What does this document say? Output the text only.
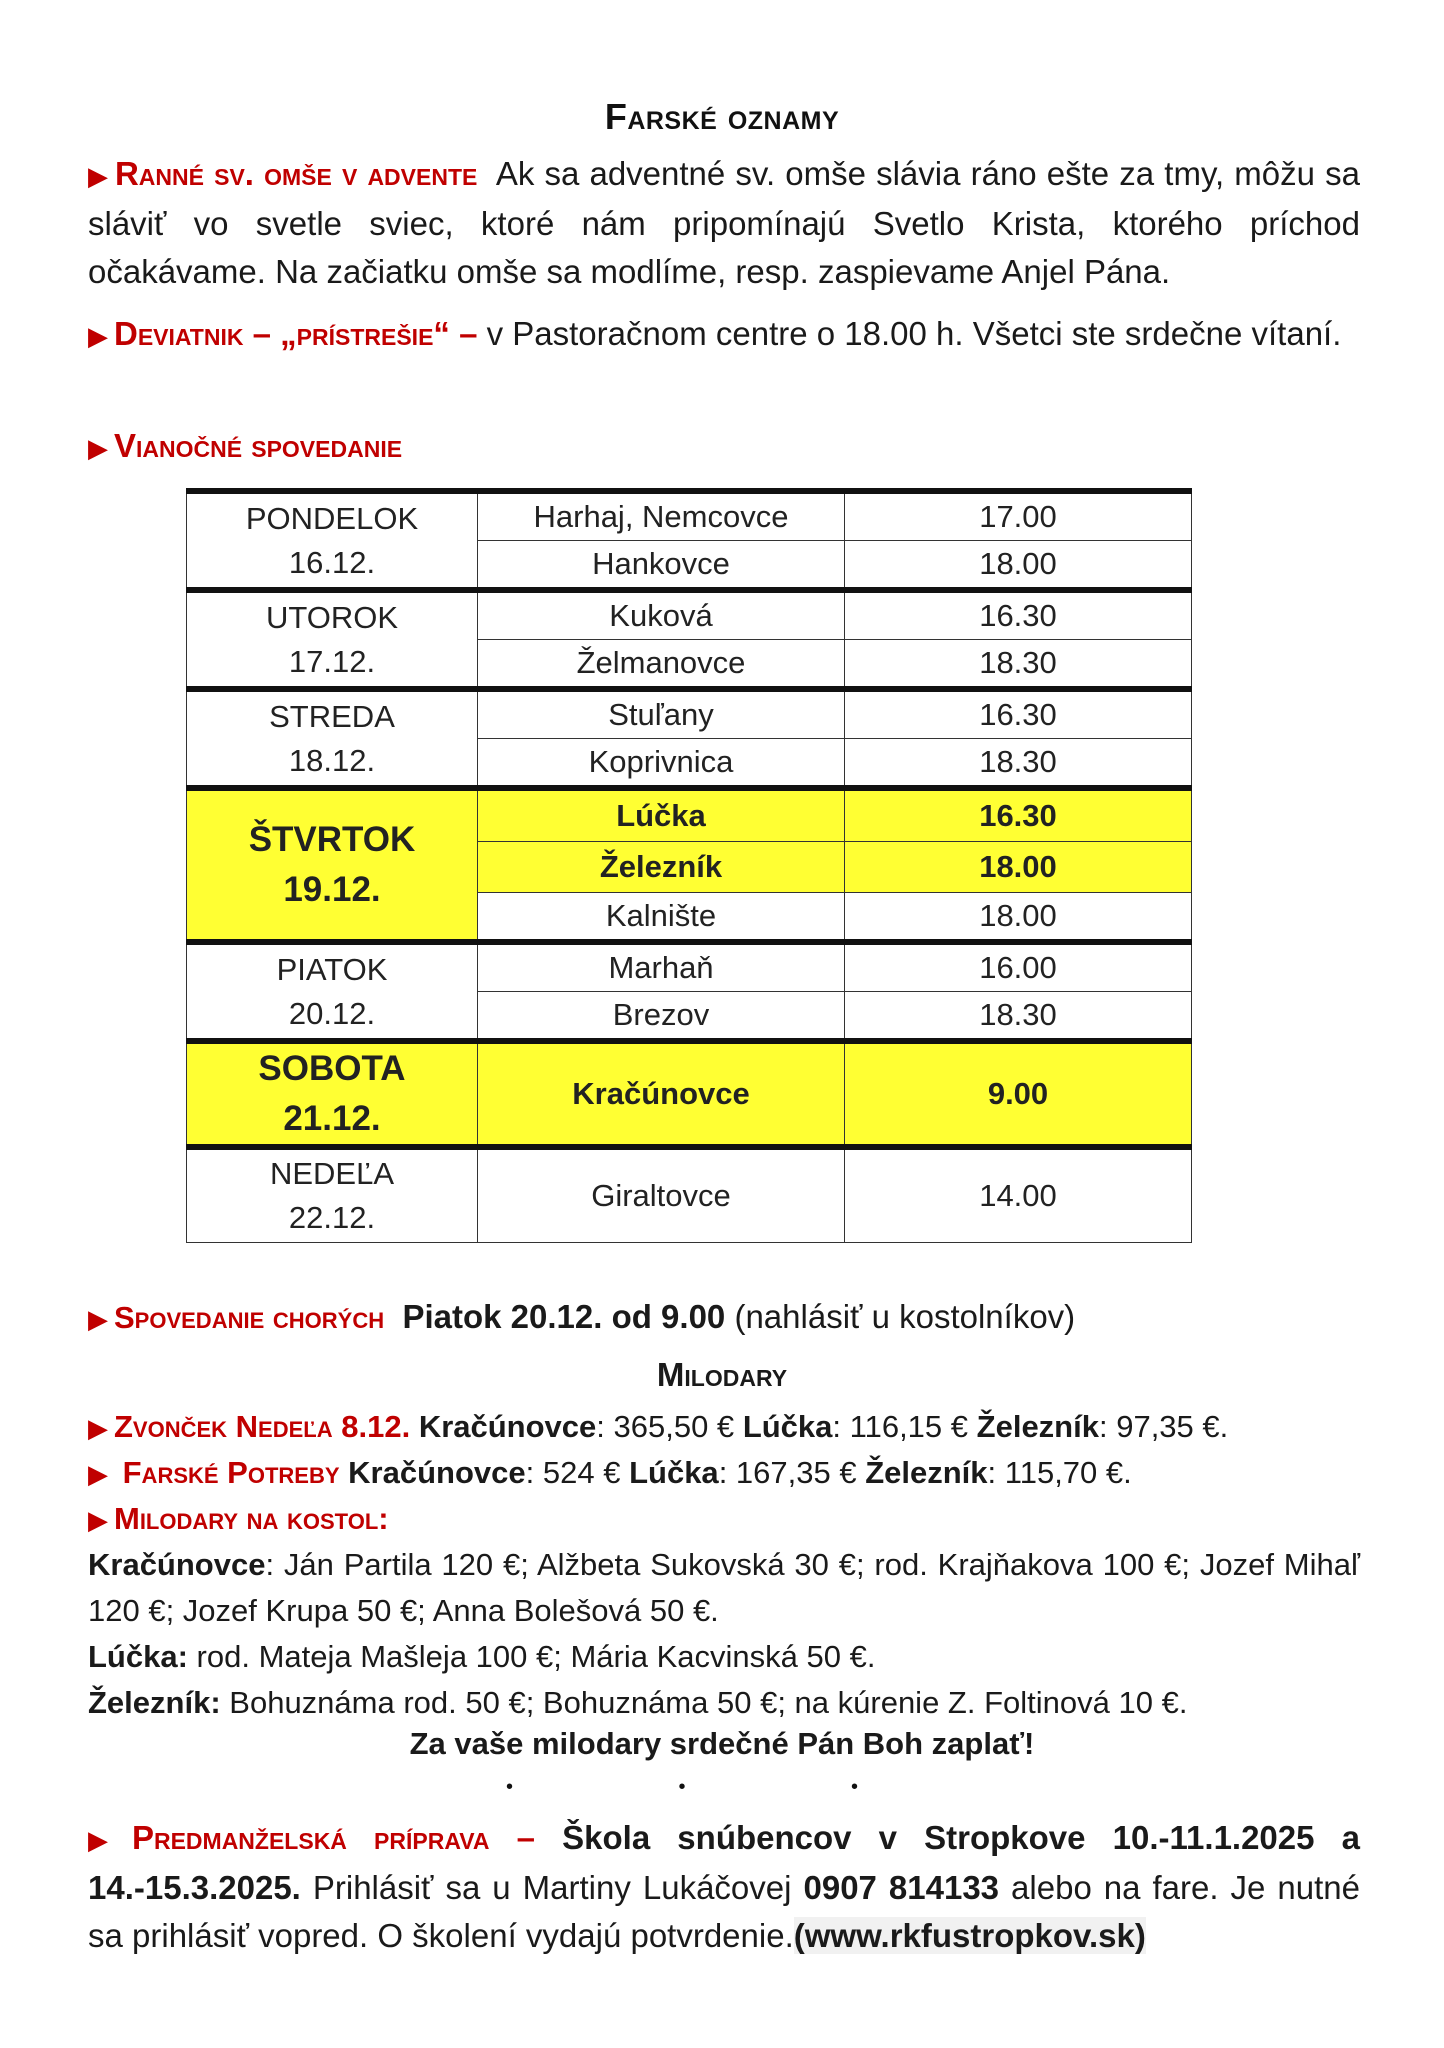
Farské oznamy
▶ Ranné sv. omše v advente Ak sa adventné sv. omše slávia ráno ešte za tmy, môžu sa sláviť vo svetle sviec, ktoré nám pripomínajú Svetlo Krista, ktorého príchod očakávame. Na začiatku omše sa modlíme, resp. zaspievame Anjel Pána.
▶ Deviatnik – „prístrešie“ – v Pastoračnom centre o 18.00 h. Všetci ste srdečne vítaní.
▶ Vianočné spovedanie
PONDELOK
16.12.	Harhaj, Nemcovce	17.00
	Hankovce	18.00

UTOROK
17.12.	Kuková	16.30
	Želmanovce	18.30

STREDA
18.12.	Stuľany	16.30
	Koprivnica	18.30

ŠTVRTOK
19.12.	Lúčka	16.30
	Železník	18.00
	Kalnište	18.00

PIATOK
20.12.	Marhaň	16.00
	Brezov	18.30

SOBOTA
21.12.	Kračúnovce	9.00

NEDEĽA
22.12.	Giraltovce	14.00
▶ Spovedanie chorých Piatok 20.12. od 9.00 (nahlásiť u kostolníkov)
Milodary
▶ Zvonček Nedeľa 8.12. Kračúnovce: 365,50 € Lúčka: 116,15 € Železník: 97,35 €.
▶ Farské Potreby Kračúnovce: 524 € Lúčka: 167,35 € Železník: 115,70 €.
▶ Milodary na kostol:
Kračúnovce: Ján Partila 120 €; Alžbeta Sukovská 30 €; rod. Krajňakova 100 €; Jozef Mihaľ 120 €; Jozef Krupa 50 €; Anna Bolešová 50 €.
Lúčka: rod. Mateja Mašleja 100 €; Mária Kacvinská 50 €.
Železník: Bohuznáma rod. 50 €; Bohuznáma 50 €; na kúrenie Z. Foltinová 10 €.
Za vaše milodary srdečné Pán Boh zaplať!
• • •
▶ Predmanželská príprava – Škola snúbencov v Stropkove 10.-11.1.2025 a 14.-15.3.2025. Prihlásiť sa u Martiny Lukáčovej 0907 814133 alebo na fare. Je nutné sa prihlásiť vopred. O školení vydajú potvrdenie.(www.rkfustropkov.sk)
